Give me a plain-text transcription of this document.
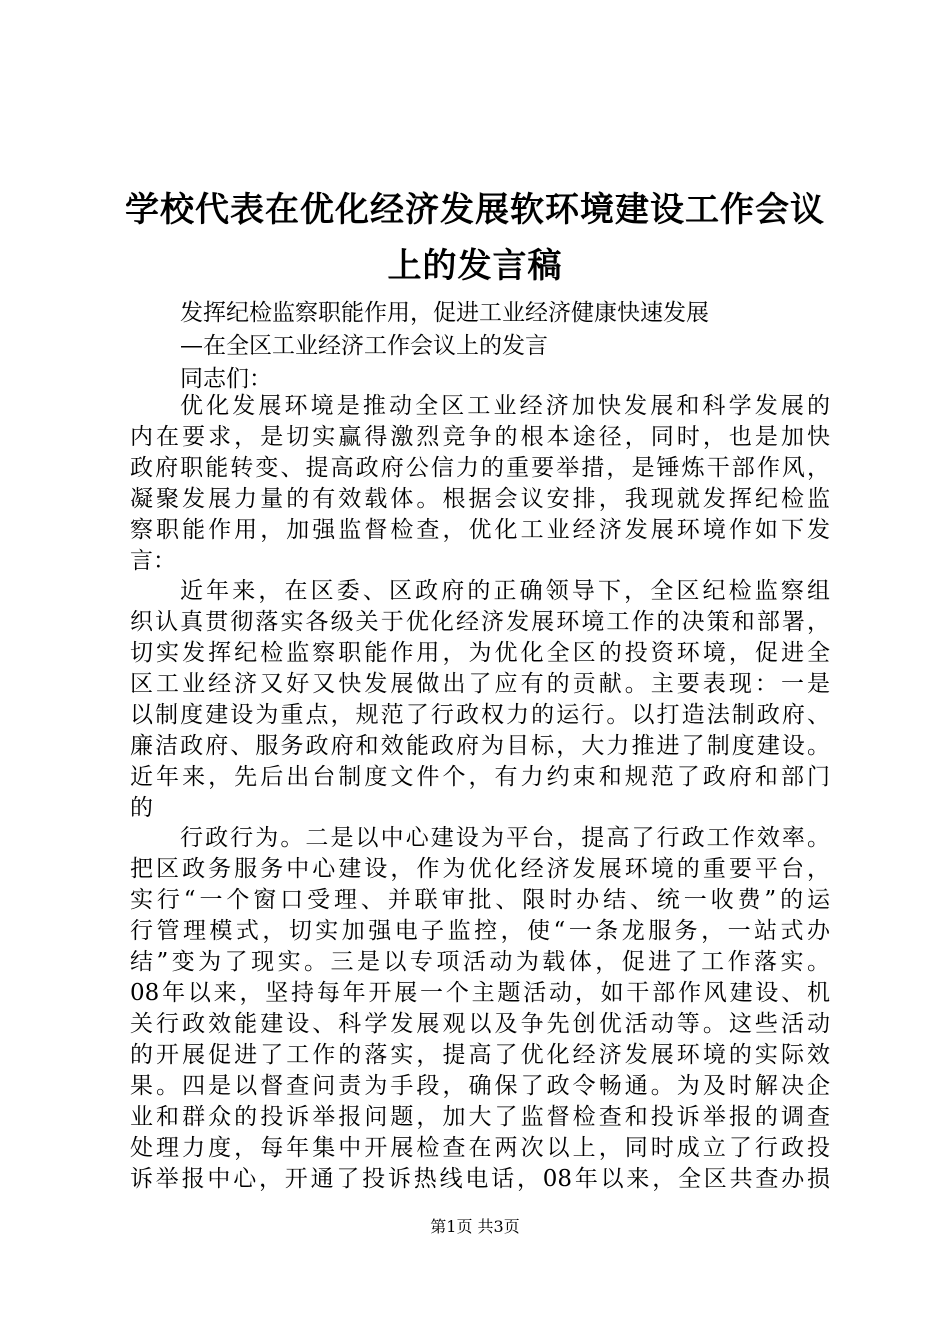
学校代表在优化经济发展软环境建设工作会议
上的发言稿
发挥纪检监察职能作用，促进工业经济健康快速发展
—在全区工业经济工作会议上的发言
同志们：
优化发展环境是推动全区工业经济加快发展和科学发展的
内在要求，是切实赢得激烈竞争的根本途径，同时，也是加快
政府职能转变、提高政府公信力的重要举措，是锤炼干部作风，
凝聚发展力量的有效载体。根据会议安排，我现就发挥纪检监
察职能作用，加强监督检查，优化工业经济发展环境作如下发
言：
近年来，在区委、区政府的正确领导下，全区纪检监察组
织认真贯彻落实各级关于优化经济发展环境工作的决策和部署，
切实发挥纪检监察职能作用，为优化全区的投资环境，促进全
区工业经济又好又快发展做出了应有的贡献。主要表现：一是
以制度建设为重点，规范了行政权力的运行。以打造法制政府、
廉洁政府、服务政府和效能政府为目标，大力推进了制度建设。
近年来，先后出台制度文件个，有力约束和规范了政府和部门
的
行政行为。二是以中心建设为平台，提高了行政工作效率。
把区政务服务中心建设，作为优化经济发展环境的重要平台，
实行“一个窗口受理、并联审批、限时办结、统一收费”的运
行管理模式，切实加强电子监控，使“一条龙服务，一站式办
结”变为了现实。三是以专项活动为载体，促进了工作落实。
08年以来，坚持每年开展一个主题活动，如干部作风建设、机
关行政效能建设、科学发展观以及争先创优活动等。这些活动
的开展促进了工作的落实，提高了优化经济发展环境的实际效
果。四是以督查问责为手段，确保了政令畅通。为及时解决企
业和群众的投诉举报问题，加大了监督检查和投诉举报的调查
处理力度，每年集中开展检查在两次以上，同时成立了行政投
诉举报中心，开通了投诉热线电话，08年以来，全区共查办损
第1页 共3页
